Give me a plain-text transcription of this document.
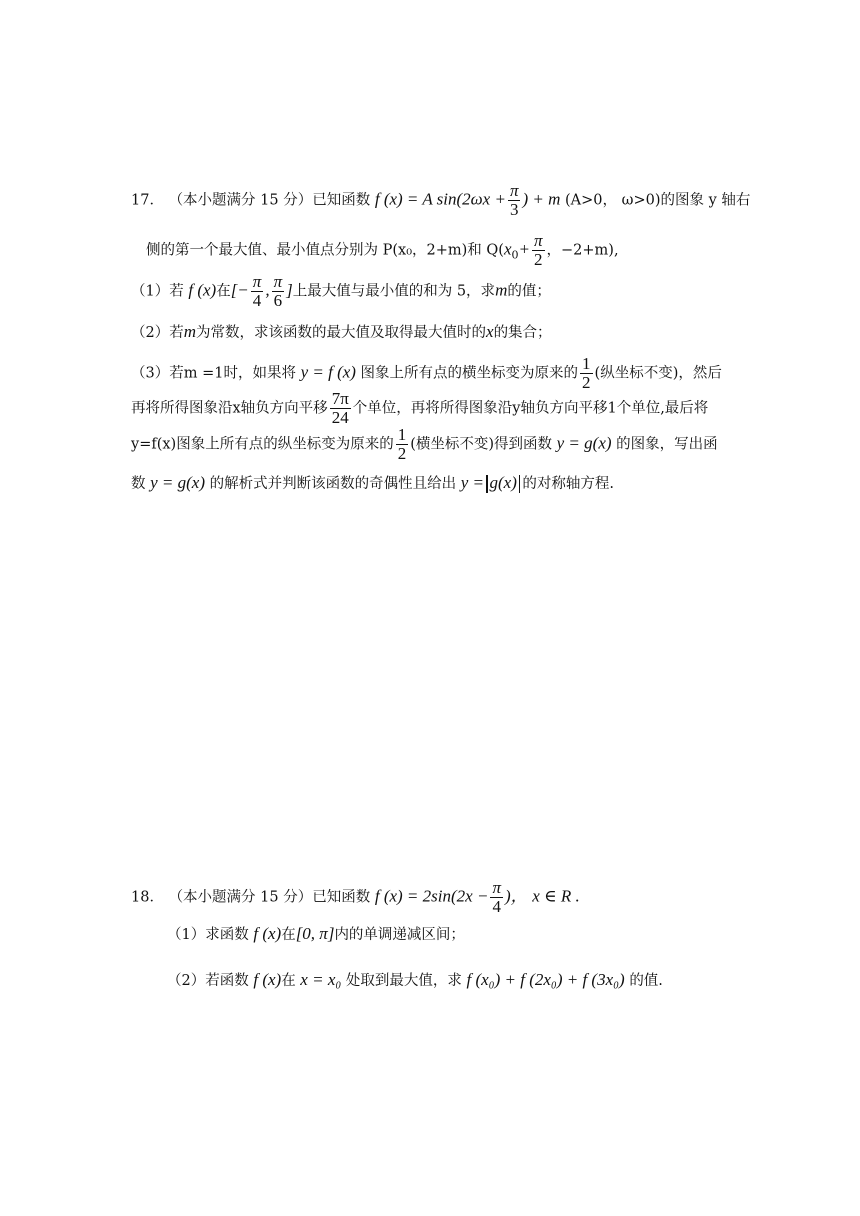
17． （本小题满分 15 分）已知函数 f (x) = A $\sin(2\omega x + \frac{\pi}{3}$ ) + m (A>0， ω>0)的图象 y 轴右
侧的第一个最大值、最小值点分别为 P(x₀，2+m)和 $Q(x_0+ \frac{\pi}{2}$ ，−2+m),
（1）若 f (x)在[− $\frac{\pi}{4}$ , $\frac{\pi}{6}$ ]上最大值与最小值的和为 5，求m的值；
（2）若m为常数，求该函数的最大值及取得最大值时的x的集合；
（3）若m =1时，如果将 y = f (x) 图象上所有点的横坐标变为原来的 $\frac{1}{2}$ (纵坐标不变)，然后
再将所得图象沿x轴负方向平移 $\frac{7\pi}{24}$ 个单位，再将所得图象沿y轴负方向平移1个单位,最后将
y=f(x)图象上所有点的纵坐标变为原来的 $\frac{1}{2}$ (横坐标不变)得到函数 y = g(x) 的图象，写出函
数 y = g(x) 的解析式并判断该函数的奇偶性且给出 y = g(x) 的对称轴方程.
18． （本小题满分 15 分）已知函数 f $(x) = 2\sin(2x - \frac{\pi}{4}$ )， x ∈ R .
（1）求函数 f (x)在[0, π]内的单调递减区间；
（2）若函数 f (x)在 x = x₀ 处取到最大值，求 f (x₀) + f (2x₀) + f (3x₀) 的值.
